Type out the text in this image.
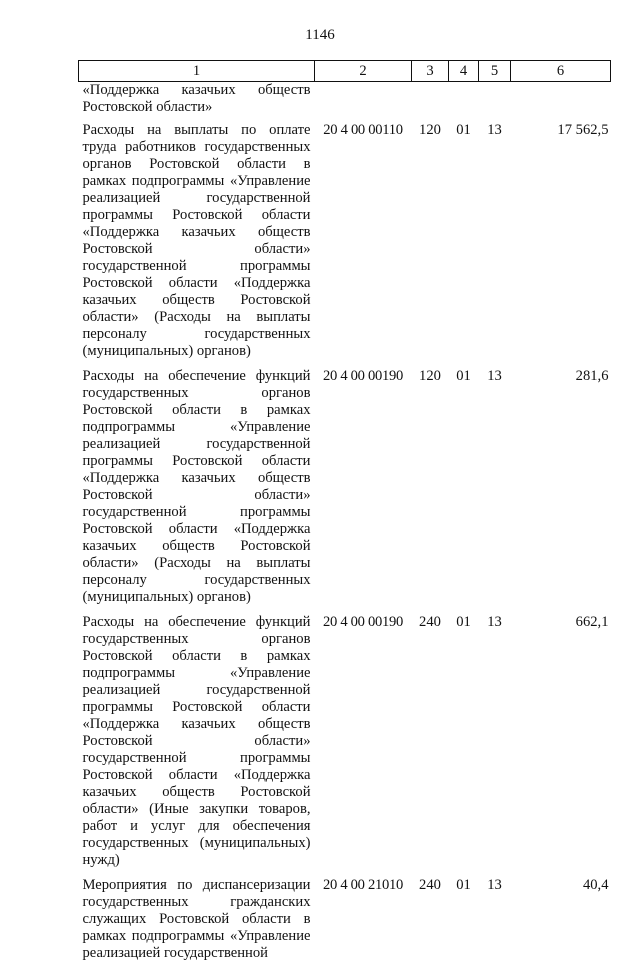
1146
1	2	3	4	5	6
«Поддержка казачьих обществ Ростовской области»					
Расходы на выплаты по оплате труда работников государственных органов Ростовской области в рамках подпрограммы «Управление реализацией государственной программы Ростовской области «Поддержка казачьих обществ Ростовской области» государственной программы Ростовской области «Поддержка казачьих обществ Ростовской области» (Расходы на выплаты персоналу государственных (муниципальных) органов)	20 4 00 00110	120	01	13	17 562,5
Расходы на обеспечение функций государственных органов Ростовской области в рамках подпрограммы «Управление реализацией государственной программы Ростовской области «Поддержка казачьих обществ Ростовской области» государственной программы Ростовской области «Поддержка казачьих обществ Ростовской области» (Расходы на выплаты персоналу государственных (муниципальных) органов)	20 4 00 00190	120	01	13	281,6
Расходы на обеспечение функций государственных органов Ростовской области в рамках подпрограммы «Управление реализацией государственной программы Ростовской области «Поддержка казачьих обществ Ростовской области» государственной программы Ростовской области «Поддержка казачьих обществ Ростовской области» (Иные закупки товаров, работ и услуг для обеспечения государственных (муниципальных) нужд)	20 4 00 00190	240	01	13	662,1
Мероприятия по диспансеризации государственных гражданских служащих Ростовской области в рамках подпрограммы «Управление реализацией государственной	20 4 00 21010	240	01	13	40,4
